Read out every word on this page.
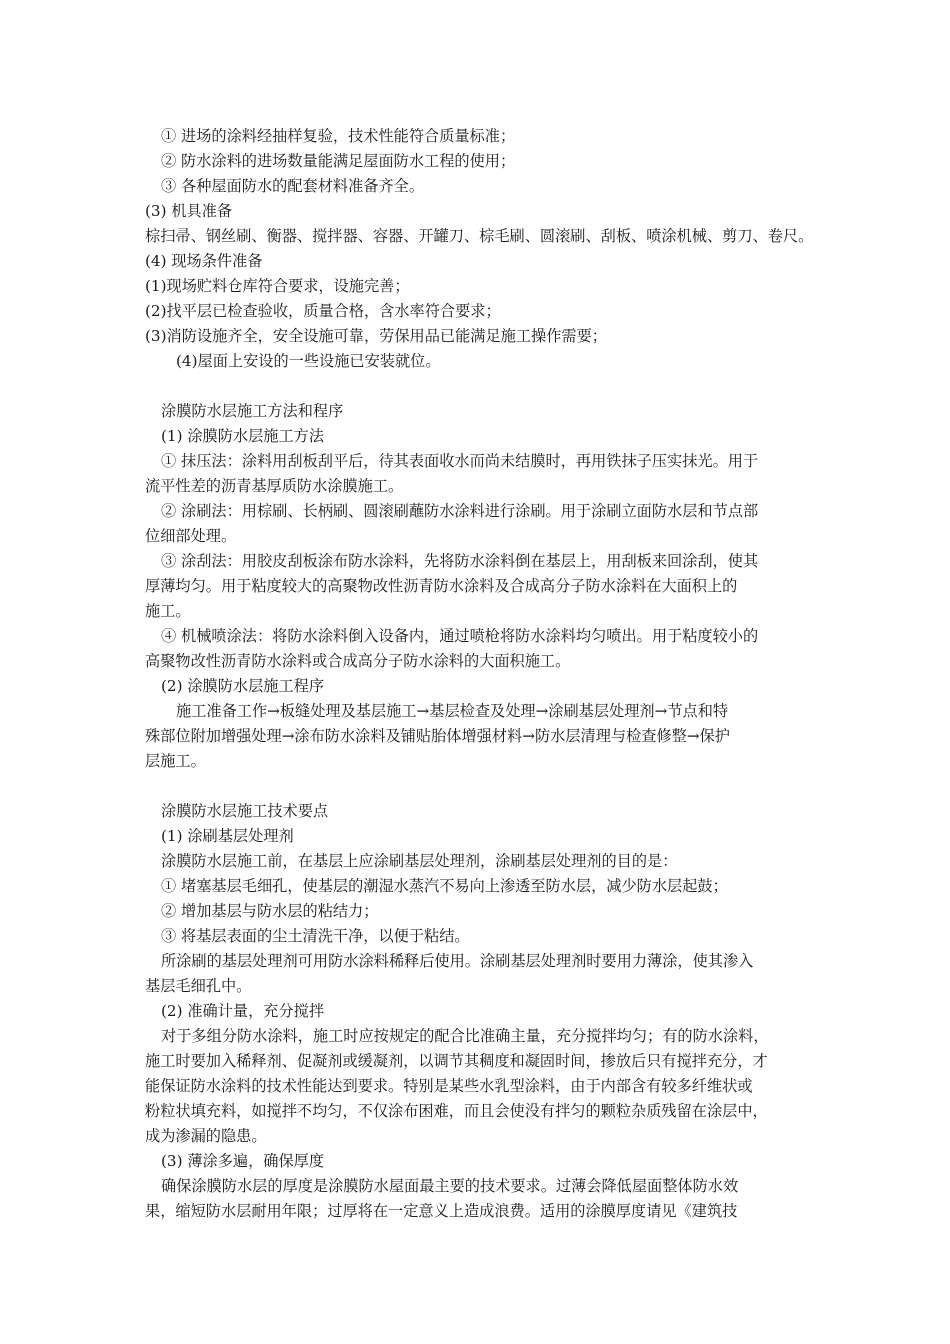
① 进场的涂料经抽样复验，技术性能符合质量标准；

② 防水涂料的进场数量能满足屋面防水工程的使用；

③ 各种屋面防水的配套材料准备齐全。

(3) 机具准备

棕扫帚、钢丝刷、衡器、搅拌器、容器、开罐刀、棕毛刷、圆滚刷、刮板、喷涂机械、剪刀、卷尺。

(4) 现场条件准备

(1)现场贮料仓库符合要求，设施完善；

(2)找平层已检查验收，质量合格，含水率符合要求；

(3)消防设施齐全，安全设施可靠，劳保用品已能满足施工操作需要；

(4)屋面上安设的一些设施已安装就位。

涂膜防水层施工方法和程序

(1) 涂膜防水层施工方法

① 抹压法：涂料用刮板刮平后，待其表面收水而尚未结膜时，再用铁抹子压实抹光。用于

流平性差的沥青基厚质防水涂膜施工。

② 涂刷法：用棕刷、长柄刷、圆滚刷蘸防水涂料进行涂刷。用于涂刷立面防水层和节点部

位细部处理。

③ 涂刮法：用胶皮刮板涂布防水涂料，先将防水涂料倒在基层上，用刮板来回涂刮，使其

厚薄均匀。用于粘度较大的高聚物改性沥青防水涂料及合成高分子防水涂料在大面积上的

施工。

④ 机械喷涂法：将防水涂料倒入设备内，通过喷枪将防水涂料均匀喷出。用于粘度较小的

高聚物改性沥青防水涂料或合成高分子防水涂料的大面积施工。

(2) 涂膜防水层施工程序

施工准备工作→板缝处理及基层施工→基层检查及处理→涂刷基层处理剂→节点和特

殊部位附加增强处理→涂布防水涂料及铺贴胎体增强材料→防水层清理与检查修整→保护

层施工。

涂膜防水层施工技术要点

(1) 涂刷基层处理剂

涂膜防水层施工前，在基层上应涂刷基层处理剂，涂刷基层处理剂的目的是：

① 堵塞基层毛细孔，使基层的潮湿水蒸汽不易向上渗透至防水层，减少防水层起鼓；

② 增加基层与防水层的粘结力；

③ 将基层表面的尘土清洗干净，以便于粘结。

所涂刷的基层处理剂可用防水涂料稀释后使用。涂刷基层处理剂时要用力薄涂，使其渗入

基层毛细孔中。

(2) 准确计量，充分搅拌

对于多组分防水涂料，施工时应按规定的配合比准确主量，充分搅拌均匀；有的防水涂料，

施工时要加入稀释剂、促凝剂或缓凝剂，以调节其稠度和凝固时间，掺放后只有搅拌充分，才

能保证防水涂料的技术性能达到要求。特别是某些水乳型涂料，由于内部含有较多纤维状或

粉粒状填充料，如搅拌不均匀，不仅涂布困难，而且会使没有拌匀的颗粒杂质残留在涂层中，

成为渗漏的隐患。

(3) 薄涂多遍，确保厚度

确保涂膜防水层的厚度是涂膜防水屋面最主要的技术要求。过薄会降低屋面整体防水效

果，缩短防水层耐用年限；过厚将在一定意义上造成浪费。适用的涂膜厚度请见《建筑技
